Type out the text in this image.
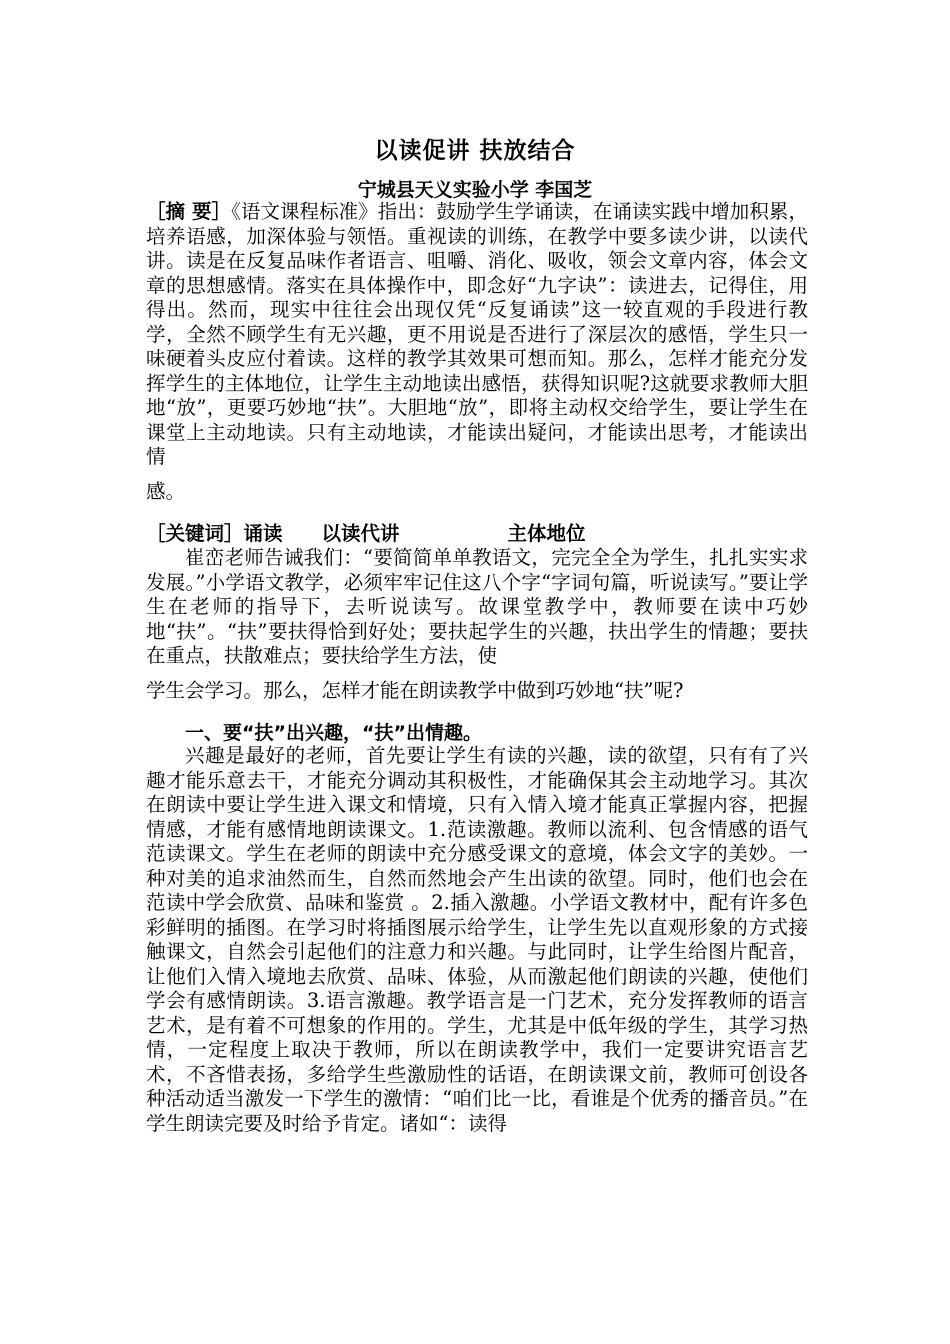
以读促讲 扶放结合
宁城县天义实验小学 李国芝
［摘 要］《语文课程标准》指出：鼓励学生学诵读，在诵读实践中增加积累，培养语感，加深体验与领悟。重视读的训练，在教学中要多读少讲，以读代讲。读是在反复品味作者语言、咀嚼、消化、吸收，领会文章内容，体会文章的思想感情。落实在具体操作中，即念好“九字诀”：读进去，记得住，用得出。然而，现实中往往会出现仅凭“反复诵读”这一较直观的手段进行教学，全然不顾学生有无兴趣，更不用说是否进行了深层次的感悟，学生只一味硬着头皮应付着读。这样的教学其效果可想而知。那么，怎样才能充分发挥学生的主体地位，让学生主动地读出感悟，获得知识呢?这就要求教师大胆地“放”，更要巧妙地“扶”。大胆地“放”，即将主动权交给学生，要让学生在课堂上主动地读。只有主动地读，才能读出疑问，才能读出思考，才能读出情
感。
［关键词］诵读 以读代讲	主体地位
崔峦老师告诫我们：“要简简单单教语文，完完全全为学生，扎扎实实求发展。”小学语文教学，必须牢牢记住这八个字“字词句篇，听说读写。”要让学生在老师的指导下，去听说读写。故课堂教学中，教师要在读中巧妙地“扶”。“扶”要扶得恰到好处；要扶起学生的兴趣，扶出学生的情趣；要扶在重点，扶散难点；要扶给学生方法，使
学生会学习。那么，怎样才能在朗读教学中做到巧妙地“扶”呢?
一、要“扶”出兴趣，“扶”出情趣。
兴趣是最好的老师，首先要让学生有读的兴趣，读的欲望，只有有了兴趣才能乐意去干，才能充分调动其积极性，才能确保其会主动地学习。其次在朗读中要让学生进入课文和情境，只有入情入境才能真正掌握内容，把握情感，才能有感情地朗读课文。1.范读激趣。教师以流利、包含情感的语气范读课文。学生在老师的朗读中充分感受课文的意境，体会文字的美妙。一种对美的追求油然而生，自然而然地会产生出读的欲望。同时，他们也会在范读中学会欣赏、品味和鉴赏 。2.插入激趣。小学语文教材中，配有许多色彩鲜明的插图。在学习时将插图展示给学生，让学生先以直观形象的方式接触课文，自然会引起他们的注意力和兴趣。与此同时，让学生给图片配音，让他们入情入境地去欣赏、品味、体验，从而激起他们朗读的兴趣，使他们学会有感情朗读。3.语言激趣。教学语言是一门艺术，充分发挥教师的语言艺术，是有着不可想象的作用的。学生，尤其是中低年级的学生，其学习热情，一定程度上取决于教师，所以在朗读教学中，我们一定要讲究语言艺术，不吝惜表扬，多给学生些激励性的话语，在朗读课文前，教师可创设各种活动适当激发一下学生的激情：“咱们比一比，看谁是个优秀的播音员。”在学生朗读完要及时给予肯定。诸如“：读得
